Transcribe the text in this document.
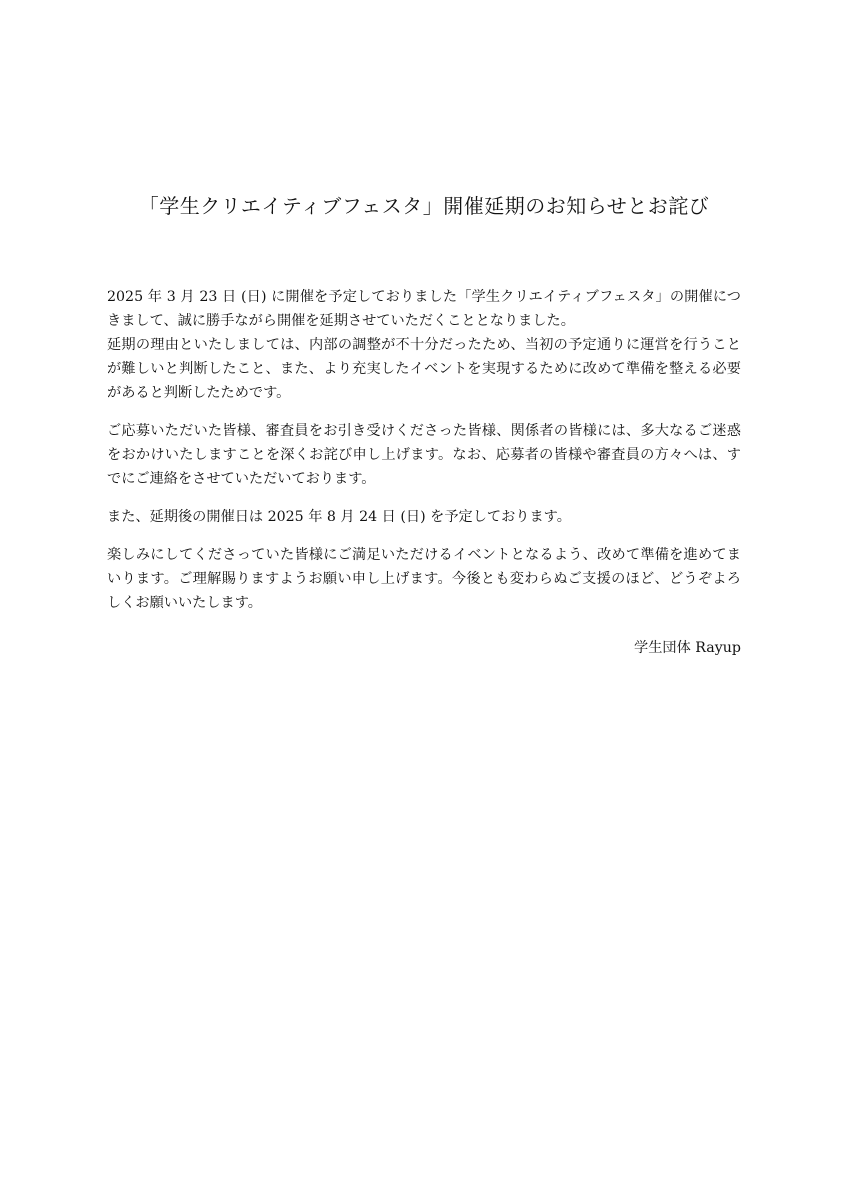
「学生クリエイティブフェスタ」開催延期のお知らせとお詫び

2025 年 3 月 23 日 (日) に開催を予定しておりました「学生クリエイティブフェスタ」の開催につきまして、誠に勝手ながら開催を延期させていただくこととなりました。

延期の理由といたしましては、内部の調整が不十分だったため、当初の予定通りに運営を行うことが難しいと判断したこと、また、より充実したイベントを実現するために改めて準備を整える必要があると判断したためです。

ご応募いただいた皆様、審査員をお引き受けくださった皆様、関係者の皆様には、多大なるご迷惑をおかけいたしますことを深くお詫び申し上げます。なお、応募者の皆様や審査員の方々へは、すでにご連絡をさせていただいております。

また、延期後の開催日は 2025 年 8 月 24 日 (日) を予定しております。

楽しみにしてくださっていた皆様にご満足いただけるイベントとなるよう、改めて準備を進めてまいります。ご理解賜りますようお願い申し上げます。今後とも変わらぬご支援のほど、どうぞよろしくお願いいたします。

学生団体 Rayup
